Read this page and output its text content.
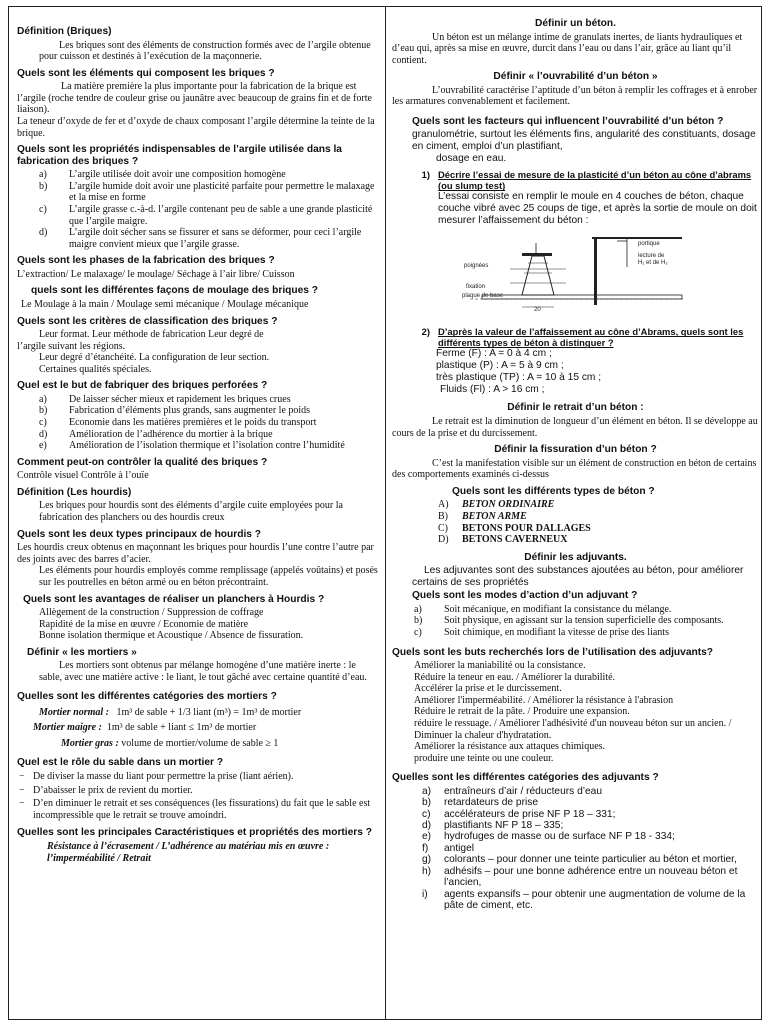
Définition (Briques)

Les briques sont des éléments de construction formés avec de l’argile obtenue pour cuisson et destinés à l’exécution de la maçonnerie.

Quels sont les éléments qui composent les briques ?

La matière première la plus importante pour la fabrication de la brique est l’argile (roche tendre de couleur grise ou jaunâtre avec beaucoup de grains fin et de forte liaison).

La teneur d’oxyde de fer et d’oxyde de chaux composant l’argile détermine la teinte de la brique.

Quels sont les propriétés indispensables de l’argile utilisée dans la fabrication des briques ?
a)	L’argile utilisée doit avoir une composition homogène
b)	L’argile humide doit avoir une plasticité parfaite pour permettre le malaxage et la mise en forme
c)	L’argile grasse c.-à-d. l’argile contenant peu de sable a une grande plasticité que l’argile maigre.
d)	L’argile doit sécher sans se fissurer et sans se déformer, pour ceci l’argile maigre convient mieux que l’argile grasse.
Quels sont les phases de la fabrication des briques ?

L’extraction/ Le malaxage/ le moulage/ Séchage à l’air libre/ Cuisson

quels sont les différentes façons de moulage des briques ?

Le Moulage à la main / Moulage semi mécanique / Moulage mécanique

Quels sont les critères de classification des briques ?

Leur format. Leur méthode de fabrication Leur degré de

l’argile suivant les régions.

Leur degré d’étanchéité. La configuration de leur section.

Certaines qualités spéciales.

Quel est le but de fabriquer des briques perforées ?
a)	De laisser sécher mieux et rapidement les briques crues
b)	Fabrication d’éléments plus grands, sans augmenter le poids
c)	Economie dans les matières premières et le poids du transport
d)	Amélioration de l’adhérence du mortier à la brique
e)	Amélioration de l’isolation thermique et l’isolation contre l’humidité
Comment peut-on contrôler la qualité des briques ?

Contrôle visuel Contrôle à l’ouïe

Définition (Les hourdis)

Les briques pour hourdis sont des éléments d’argile cuite employées pour la fabrication des planchers ou des hourdis creux

Quels sont les deux types principaux de hourdis ?

Les hourdis creux obtenus en maçonnant les briques pour hourdis l’une contre l’autre par des joints avec des barres d’acier.

Les éléments pour hourdis employés comme remplissage (appelés voûtains) et posés sur les poutrelles en béton armé ou en béton précontraint.

Quels sont les avantages de réaliser un planchers à Hourdis ?

Allègement de la construction / Suppression de coffrage

Rapidité de la mise en œuvre / Economie de matière

Bonne isolation thermique et Acoustique / Absence de fissuration.

Définir « les mortiers »

Les mortiers sont obtenus par mélange homogène d’une matière inerte : le sable, avec une matière active : le liant, le tout gâché avec certaine quantité d’eau.

Quelles sont les différentes catégories des mortiers ?

Mortier normal : 1m³ de sable + 1/3 liant (m³) = 1m³ de mortier

Mortier maigre : 1m³ de sable + liant ≤ 1m³ de mortier

Mortier gras : volume de mortier/volume de sable ≥ 1

Quel est le rôle du sable dans un mortier ?
− De diviser la masse du liant pour permettre la prise (liant aérien).
− D’abaisser le prix de revient du mortier.
− D’en diminuer le retrait et ses conséquences (les fissurations) du fait que le sable est incompressible que le retrait se trouve amoindri.
Quelles sont les principales Caractéristiques et propriétés des mortiers ?

Résistance à l’écrasement / L’adhérence au matériau mis en œuvre : l’imperméabilité / Retrait

Définir un béton.

Un béton est un mélange intime de granulats inertes, de liants hydrauliques et d’eau qui, après sa mise en œuvre, durcit dans l’eau ou dans l’air, grâce au liant qu’il contient.

Définir « l’ouvrabilité d’un béton »

L’ouvrabilité caractérise l’aptitude d’un béton à remplir les coffrages et à enrober les armatures convenablement et facilement.

Quels sont les facteurs qui influencent l’ouvrabilité d’un béton ?

granulométrie, surtout les éléments fins, angularité des constituants, dosage en ciment, emploi d’un plastifiant,

dosage en eau.

1) Décrire l’essai de mesure de la plasticité d’un béton au cône d’abrams (ou slump test)

L’essai consiste en remplir le moule en 4 couches de béton, chaque couche vibré avec 25 coups de tige, et après la sortie de moule on doit mesurer l’affaissement du béton :

portique
lecture de
H₁ et de H₂
poignées
fixation
plaque de base
20
2) D’après la valeur de l’affaissement au cône d’Abrams, quels sont les différents types de béton à distinguer ?

Ferme (F) : A = 0 à 4 cm ;

plastique (P) : A = 5 à 9 cm ;

très plastique (TP) : A = 10 à 15 cm ;

Fluids (Fl) : A > 16 cm ;

Définir le retrait d’un béton :

Le retrait est la diminution de longueur d’un élément en béton. Il se développe au cours de la prise et du durcissement.

Définir la fissuration d’un béton ?

C’est la manifestation visible sur un élément de construction en béton de certains des comportements examinés ci-dessus

Quels sont les différents types de béton ?
A)	BETON ORDINAIRE
B)	BETON ARME
C)	BETONS POUR DALLAGES
D)	BETONS CAVERNEUX
Définir les adjuvants.

Les adjuvantes sont des substances ajoutées au béton, pour améliorer certains de ses propriétés

Quels sont les modes d’action d’un adjuvant ?
a)	Soit mécanique, en modifiant la consistance du mélange.
b)	Soit physique, en agissant sur la tension superficielle des composants.
c)	Soit chimique, en modifiant la vitesse de prise des liants
Quels sont les buts recherchés lors de l’utilisation des adjuvants?

Améliorer la maniabilité ou la consistance.

Réduire la teneur en eau. / Améliorer la durabilité.

Accélérer la prise et le durcissement.

Améliorer l'imperméabilité. / Améliorer la résistance à l'abrasion

Réduire le retrait de la pâte. / Produire une expansion.

réduire le ressuage. / Améliorer l'adhésivité d'un nouveau béton sur un ancien. / Diminuer la chaleur d'hydratation.

Améliorer la résistance aux attaques chimiques.

produire une teinte ou une couleur.

Quelles sont les différentes catégories des adjuvants ?
a)	entraîneurs d’air / réducteurs d’eau
b)	retardateurs de prise
c)	accélérateurs de prise NF P 18 – 331;
d)	plastifiants NF P 18 – 335;
e)	hydrofuges de masse ou de surface NF P 18 - 334;
f)	antigel
g)	colorants – pour donner une teinte particulier au béton et mortier,
h)	adhésifs – pour une bonne adhérence entre un nouveau béton et l’ancien,
i)	agents expansifs – pour obtenir une augmentation de volume de la pâte de ciment, etc.
